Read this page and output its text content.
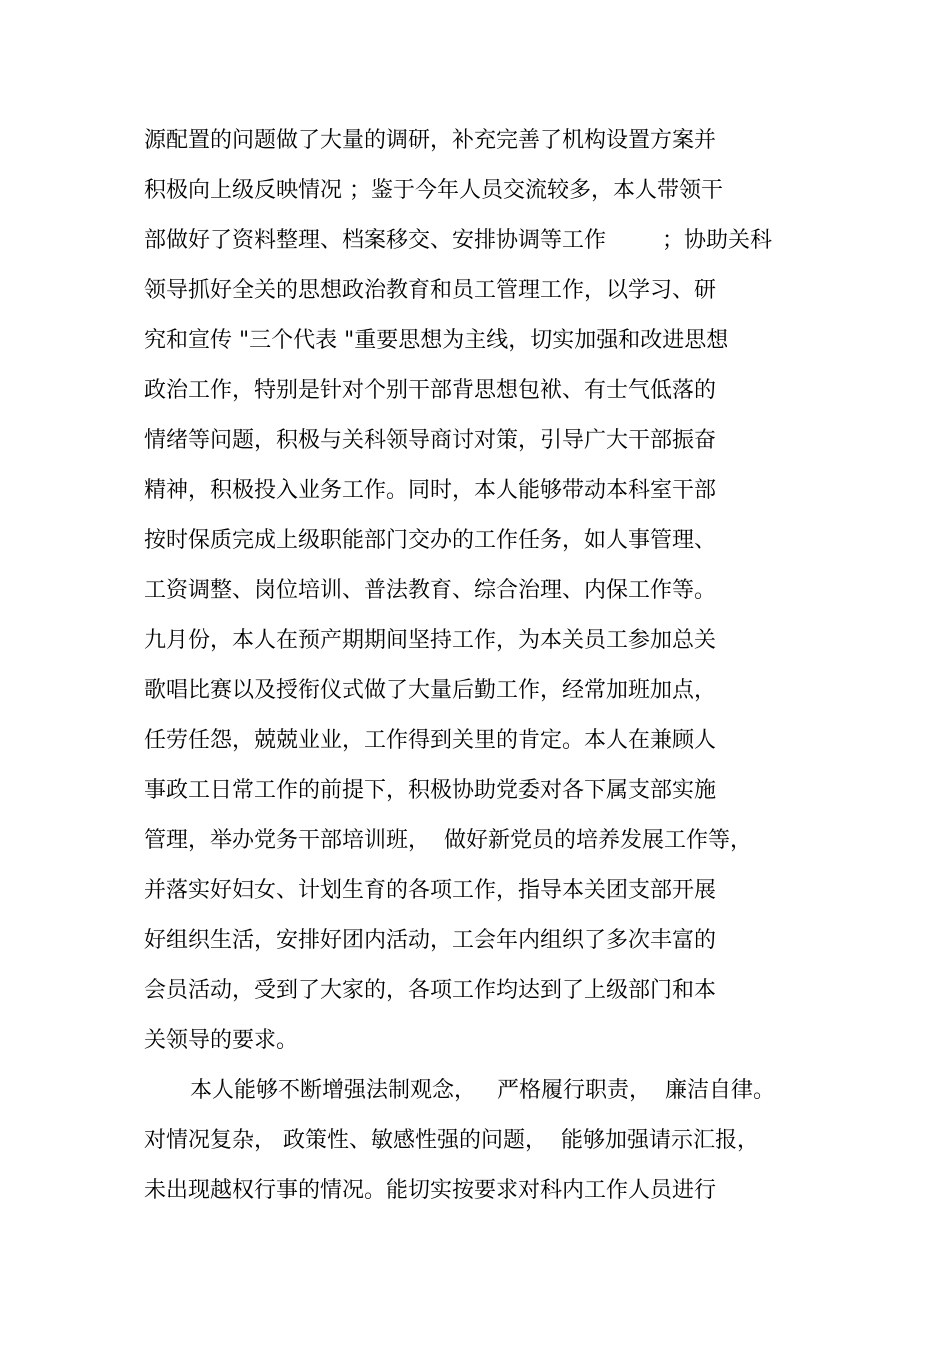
源配置的问题做了大量的调研，补充完善了机构设置方案并
积极向上级反映情况 ；鉴于今年人员交流较多，本人带领干
部做好了资料整理、档案移交、安排协调等工作        ；协助关科
领导抓好全关的思想政治教育和员工管理工作，以学习、研
究和宣传 "三个代表 "重要思想为主线，切实加强和改进思想
政治工作，特别是针对个别干部背思想包袱、有士气低落的
情绪等问题，积极与关科领导商讨对策，引导广大干部振奋
精神，积极投入业务工作。同时，本人能够带动本科室干部
按时保质完成上级职能部门交办的工作任务，如人事管理、
工资调整、岗位培训、普法教育、综合治理、内保工作等。
九月份，本人在预产期期间坚持工作，为本关员工参加总关
歌唱比赛以及授衔仪式做了大量后勤工作，经常加班加点，
任劳任怨，兢兢业业，工作得到关里的肯定。本人在兼顾人
事政工日常工作的前提下，积极协助党委对各下属支部实施
管理，举办党务干部培训班，  做好新党员的培养发展工作等，
并落实好妇女、计划生育的各项工作，指导本关团支部开展
好组织生活，安排好团内活动，工会年内组织了多次丰富的
会员活动，受到了大家的，各项工作均达到了上级部门和本
关领导的要求。
本人能够不断增强法制观念，   严格履行职责，  廉洁自律。
对情况复杂， 政策性、敏感性强的问题，  能够加强请示汇报，
未出现越权行事的情况。能切实按要求对科内工作人员进行
